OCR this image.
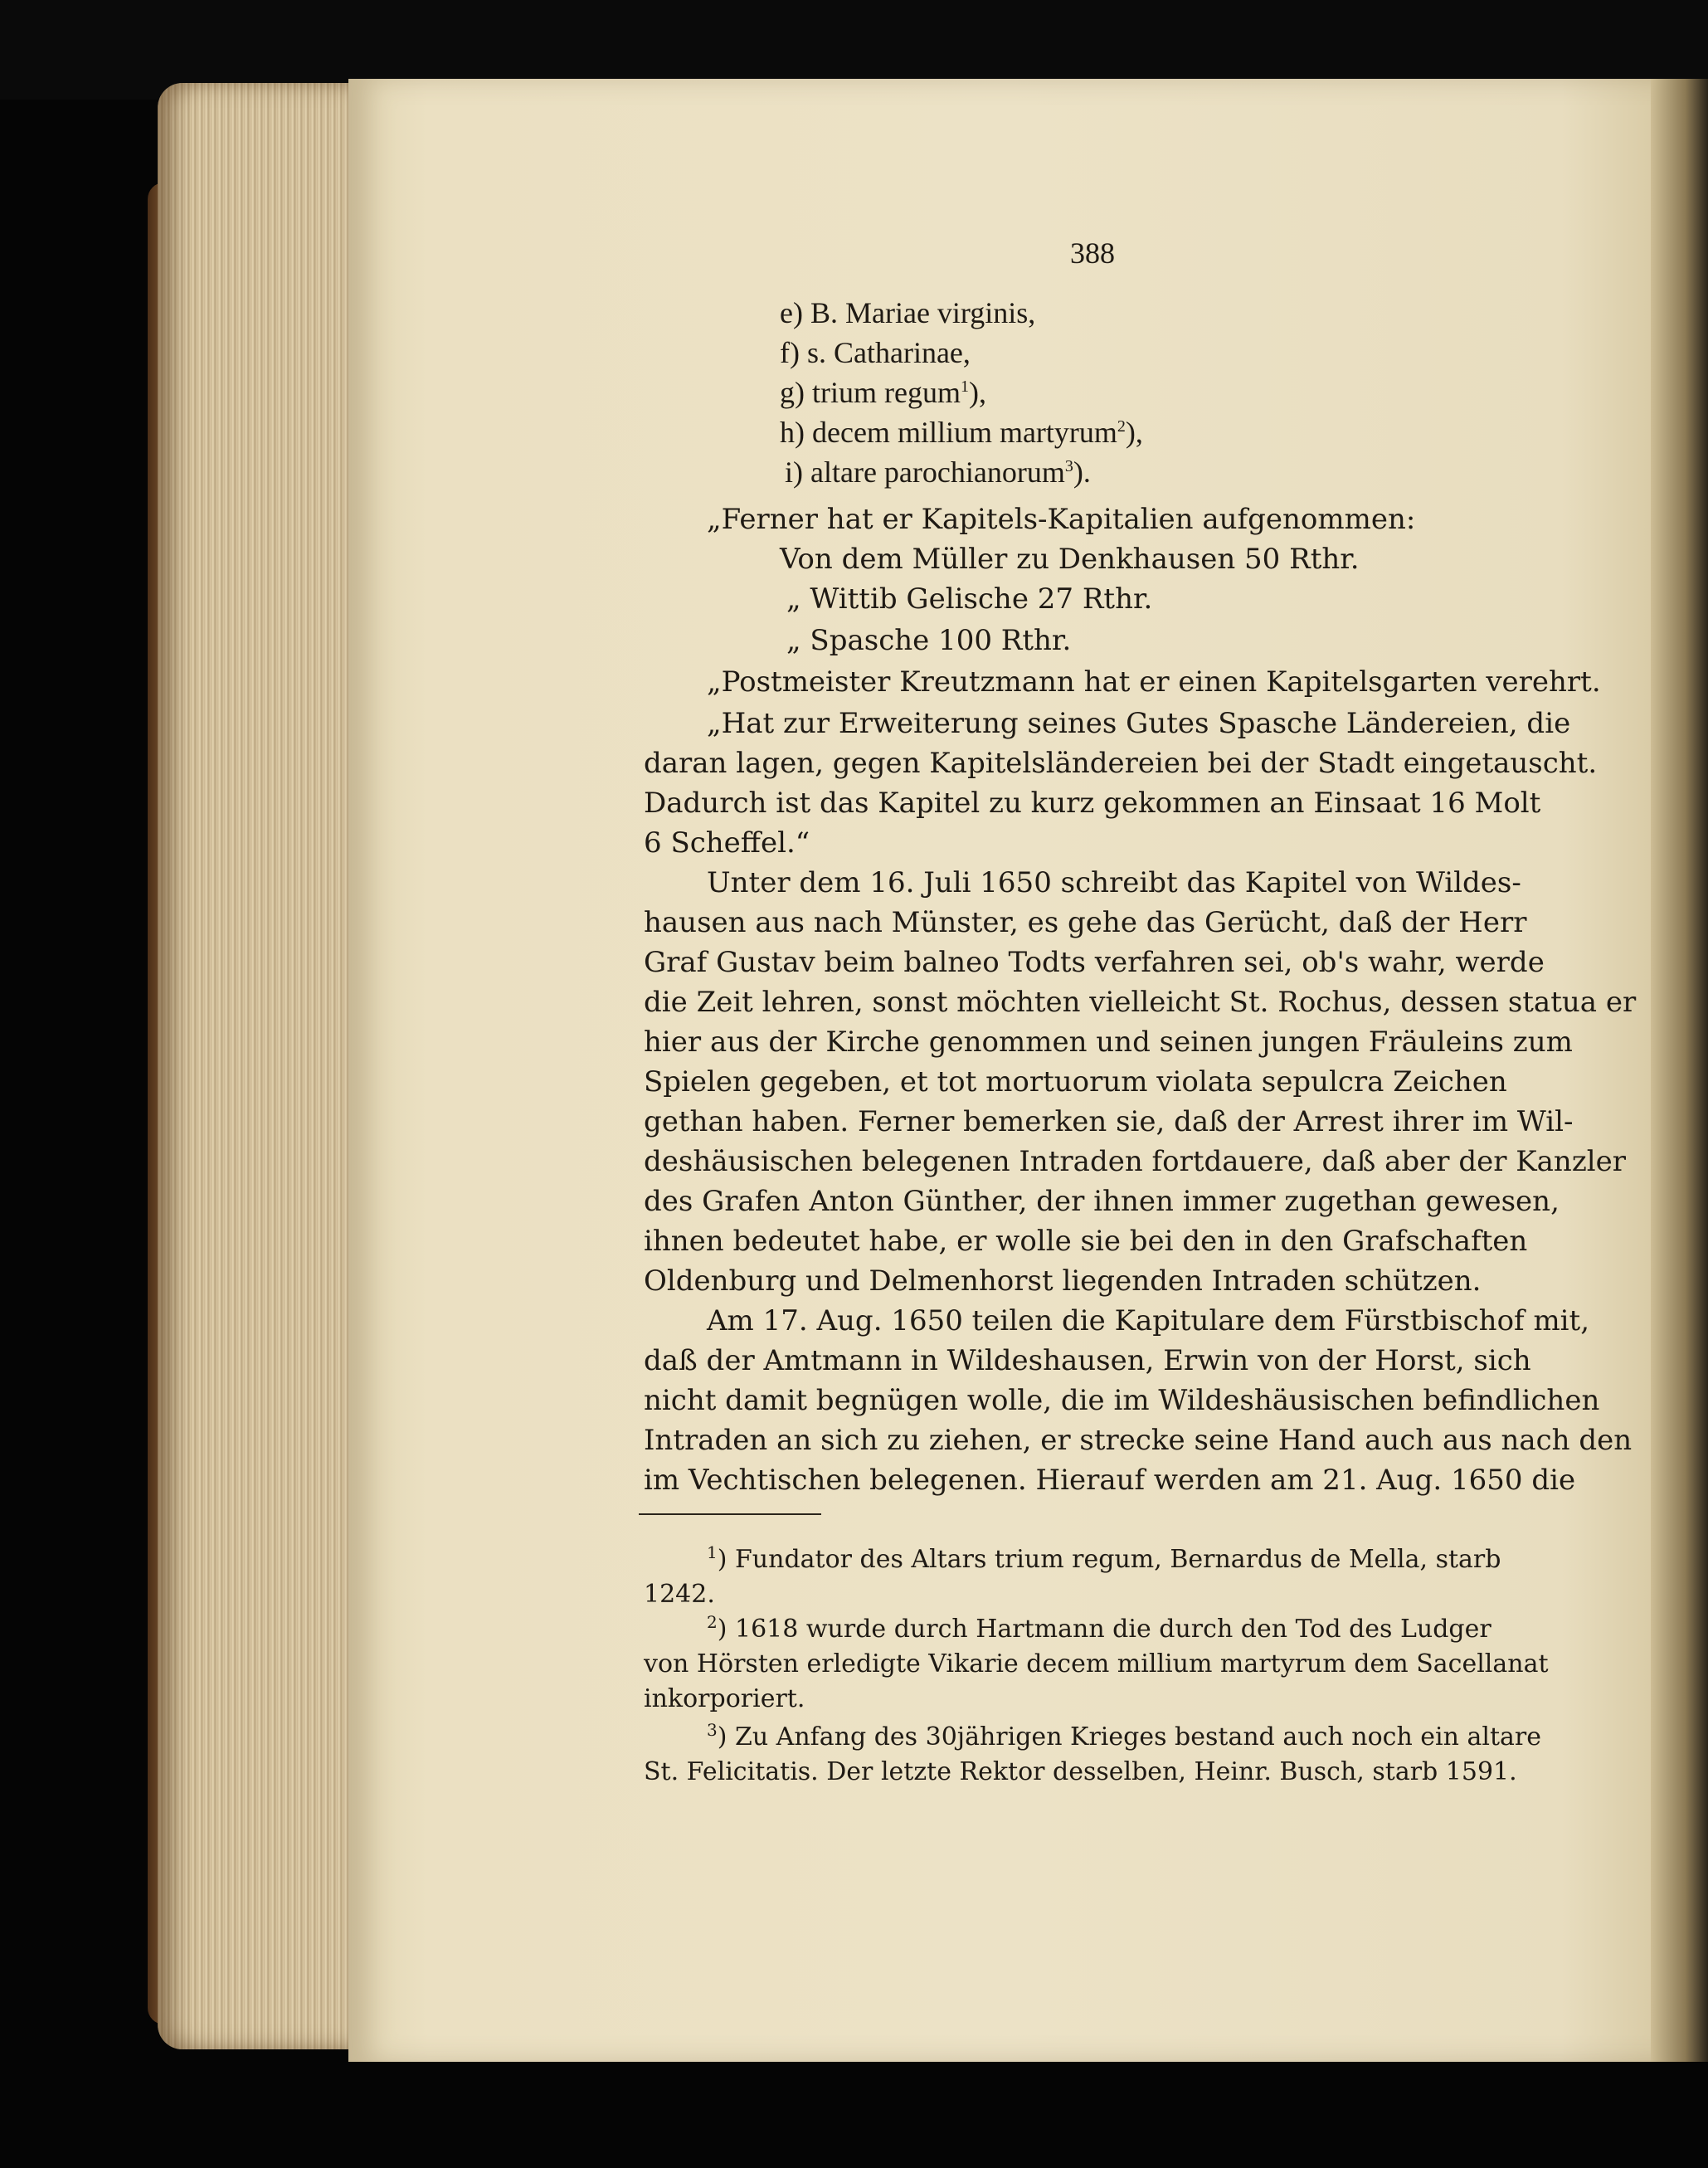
388
e) B. Mariae virginis,
f) s. Catharinae,
g) trium regum$^1$),
h) decem millium martyrum$^2$),
i) altare parochianorum$^3$).
„Ferner hat er Kapitels-Kapitalien aufgenommen:
Von dem Müller zu Denkhausen 50 Rthr.
„ Wittib Gelische 27 Rthr.
„ Spasche 100 Rthr.
„Postmeister Kreutzmann hat er einen Kapitelsgarten verehrt.
„Hat zur Erweiterung seines Gutes Spasche Ländereien, die
daran lagen, gegen Kapitelsländereien bei der Stadt eingetauscht.
Dadurch ist das Kapitel zu kurz gekommen an Einsaat 16 Molt
6 Scheffel.“
Unter dem 16. Juli 1650 schreibt das Kapitel von Wildes-
hausen aus nach Münster, es gehe das Gerücht, daß der Herr
Graf Gustav beim balneo Todts verfahren sei, ob's wahr, werde
die Zeit lehren, sonst möchten vielleicht St. Rochus, dessen statua er
hier aus der Kirche genommen und seinen jungen Fräuleins zum
Spielen gegeben, et tot mortuorum violata sepulcra Zeichen
gethan haben. Ferner bemerken sie, daß der Arrest ihrer im Wil-
deshäusischen belegenen Intraden fortdauere, daß aber der Kanzler
des Grafen Anton Günther, der ihnen immer zugethan gewesen,
ihnen bedeutet habe, er wolle sie bei den in den Grafschaften
Oldenburg und Delmenhorst liegenden Intraden schützen.
Am 17. Aug. 1650 teilen die Kapitulare dem Fürstbischof mit,
daß der Amtmann in Wildeshausen, Erwin von der Horst, sich
nicht damit begnügen wolle, die im Wildeshäusischen befindlichen
Intraden an sich zu ziehen, er strecke seine Hand auch aus nach den
im Vechtischen belegenen. Hierauf werden am 21. Aug. 1650 die
$^1$) Fundator des Altars trium regum, Bernardus de Mella, starb
1242.
$^2$) 1618 wurde durch Hartmann die durch den Tod des Ludger
von Hörsten erledigte Vikarie decem millium martyrum dem Sacellanat
inkorporiert.
$^3$) Zu Anfang des 30jährigen Krieges bestand auch noch ein altare
St. Felicitatis. Der letzte Rektor desselben, Heinr. Busch, starb 1591.
